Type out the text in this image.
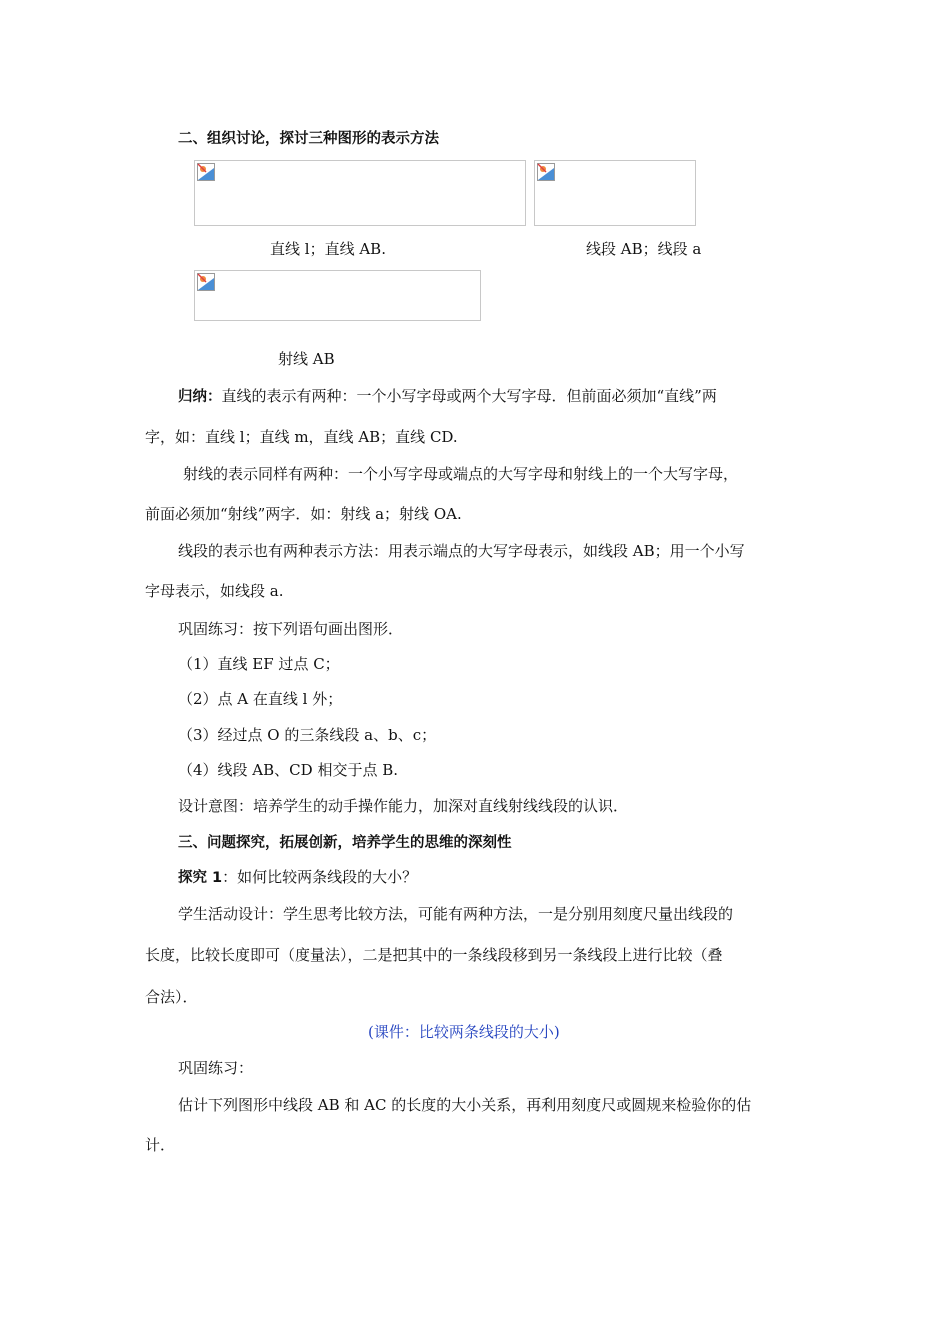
二、组织讨论，探讨三种图形的表示方法
直线 l；直线 AB.	线段 AB；线段 a
射线 AB
归纳：直线的表示有两种：一个小写字母或两个大写字母．但前面必须加“直线”两
字，如：直线 l；直线 m，直线 AB；直线 CD.
射线的表示同样有两种：一个小写字母或端点的大写字母和射线上的一个大写字母，
前面必须加“射线”两字．如：射线 a；射线 OA.
线段的表示也有两种表示方法：用表示端点的大写字母表示，如线段 AB；用一个小写
字母表示，如线段 a.
巩固练习：按下列语句画出图形．
（1）直线 EF 过点 C；
（2）点 A 在直线 l 外；
（3）经过点 O 的三条线段 a、b、c；
（4）线段 AB、CD 相交于点 B.
设计意图：培养学生的动手操作能力，加深对直线射线线段的认识．
三、问题探究，拓展创新，培养学生的思维的深刻性
探究 1：如何比较两条线段的大小？
学生活动设计：学生思考比较方法，可能有两种方法，一是分别用刻度尺量出线段的
长度，比较长度即可（度量法），二是把其中的一条线段移到另一条线段上进行比较（叠
合法）．
(课件：比较两条线段的大小)
巩固练习：
估计下列图形中线段 AB 和 AC 的长度的大小关系，再利用刻度尺或圆规来检验你的估
计．
